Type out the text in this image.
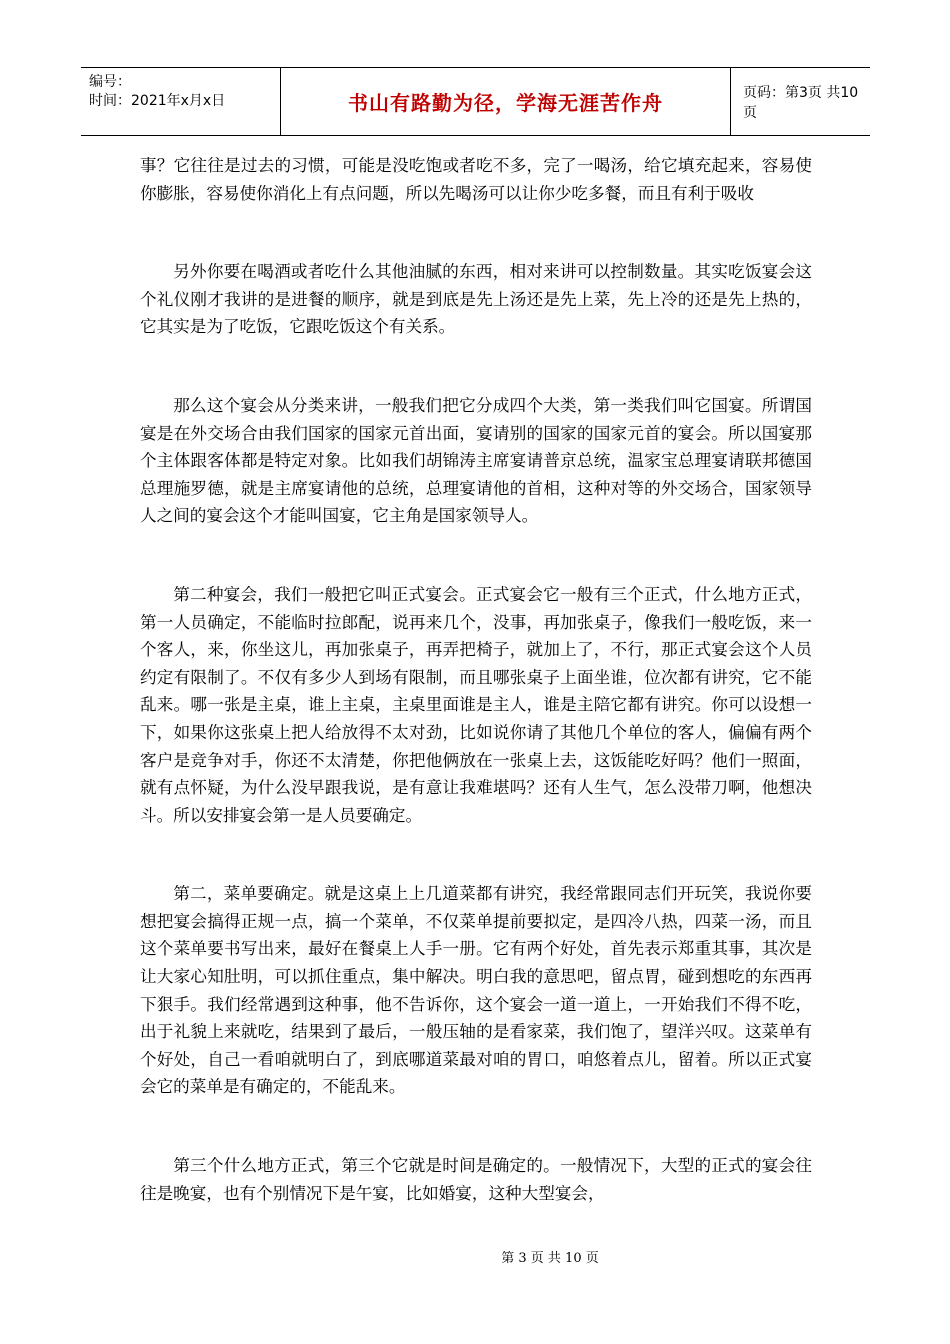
编号：
时间：2021年x月x日	书山有路勤为径，学海无涯苦作舟	页码：第3页 共10页

事？它往往是过去的习惯，可能是没吃饱或者吃不多，完了一喝汤，给它填充起来，容易使你膨胀，容易使你消化上有点问题，所以先喝汤可以让你少吃多餐，而且有利于吸收

另外你要在喝酒或者吃什么其他油腻的东西，相对来讲可以控制数量。其实吃饭宴会这个礼仪刚才我讲的是进餐的顺序，就是到底是先上汤还是先上菜，先上冷的还是先上热的，它其实是为了吃饭，它跟吃饭这个有关系。

那么这个宴会从分类来讲，一般我们把它分成四个大类，第一类我们叫它国宴。所谓国宴是在外交场合由我们国家的国家元首出面，宴请别的国家的国家元首的宴会。所以国宴那个主体跟客体都是特定对象。比如我们胡锦涛主席宴请普京总统，温家宝总理宴请联邦德国总理施罗德，就是主席宴请他的总统，总理宴请他的首相，这种对等的外交场合，国家领导人之间的宴会这个才能叫国宴，它主角是国家领导人。

第二种宴会，我们一般把它叫正式宴会。正式宴会它一般有三个正式，什么地方正式，第一人员确定，不能临时拉郎配，说再来几个，没事，再加张桌子，像我们一般吃饭，来一个客人，来，你坐这儿，再加张桌子，再弄把椅子，就加上了，不行，那正式宴会这个人员约定有限制了。不仅有多少人到场有限制，而且哪张桌子上面坐谁，位次都有讲究，它不能乱来。哪一张是主桌，谁上主桌，主桌里面谁是主人，谁是主陪它都有讲究。你可以设想一下，如果你这张桌上把人给放得不太对劲，比如说你请了其他几个单位的客人，偏偏有两个客户是竞争对手，你还不太清楚，你把他俩放在一张桌上去，这饭能吃好吗？他们一照面，就有点怀疑，为什么没早跟我说，是有意让我难堪吗？还有人生气，怎么没带刀啊，他想决斗。所以安排宴会第一是人员要确定。

第二，菜单要确定。就是这桌上上几道菜都有讲究，我经常跟同志们开玩笑，我说你要想把宴会搞得正规一点，搞一个菜单，不仅菜单提前要拟定，是四冷八热，四菜一汤，而且这个菜单要书写出来，最好在餐桌上人手一册。它有两个好处，首先表示郑重其事，其次是让大家心知肚明，可以抓住重点，集中解决。明白我的意思吧，留点胃，碰到想吃的东西再下狠手。我们经常遇到这种事，他不告诉你，这个宴会一道一道上，一开始我们不得不吃，出于礼貌上来就吃，结果到了最后，一般压轴的是看家菜，我们饱了，望洋兴叹。这菜单有个好处，自己一看咱就明白了，到底哪道菜最对咱的胃口，咱悠着点儿，留着。所以正式宴会它的菜单是有确定的，不能乱来。

第三个什么地方正式，第三个它就是时间是确定的。一般情况下，大型的正式的宴会往往是晚宴，也有个别情况下是午宴，比如婚宴，这种大型宴会，

第 3 页 共 10 页
